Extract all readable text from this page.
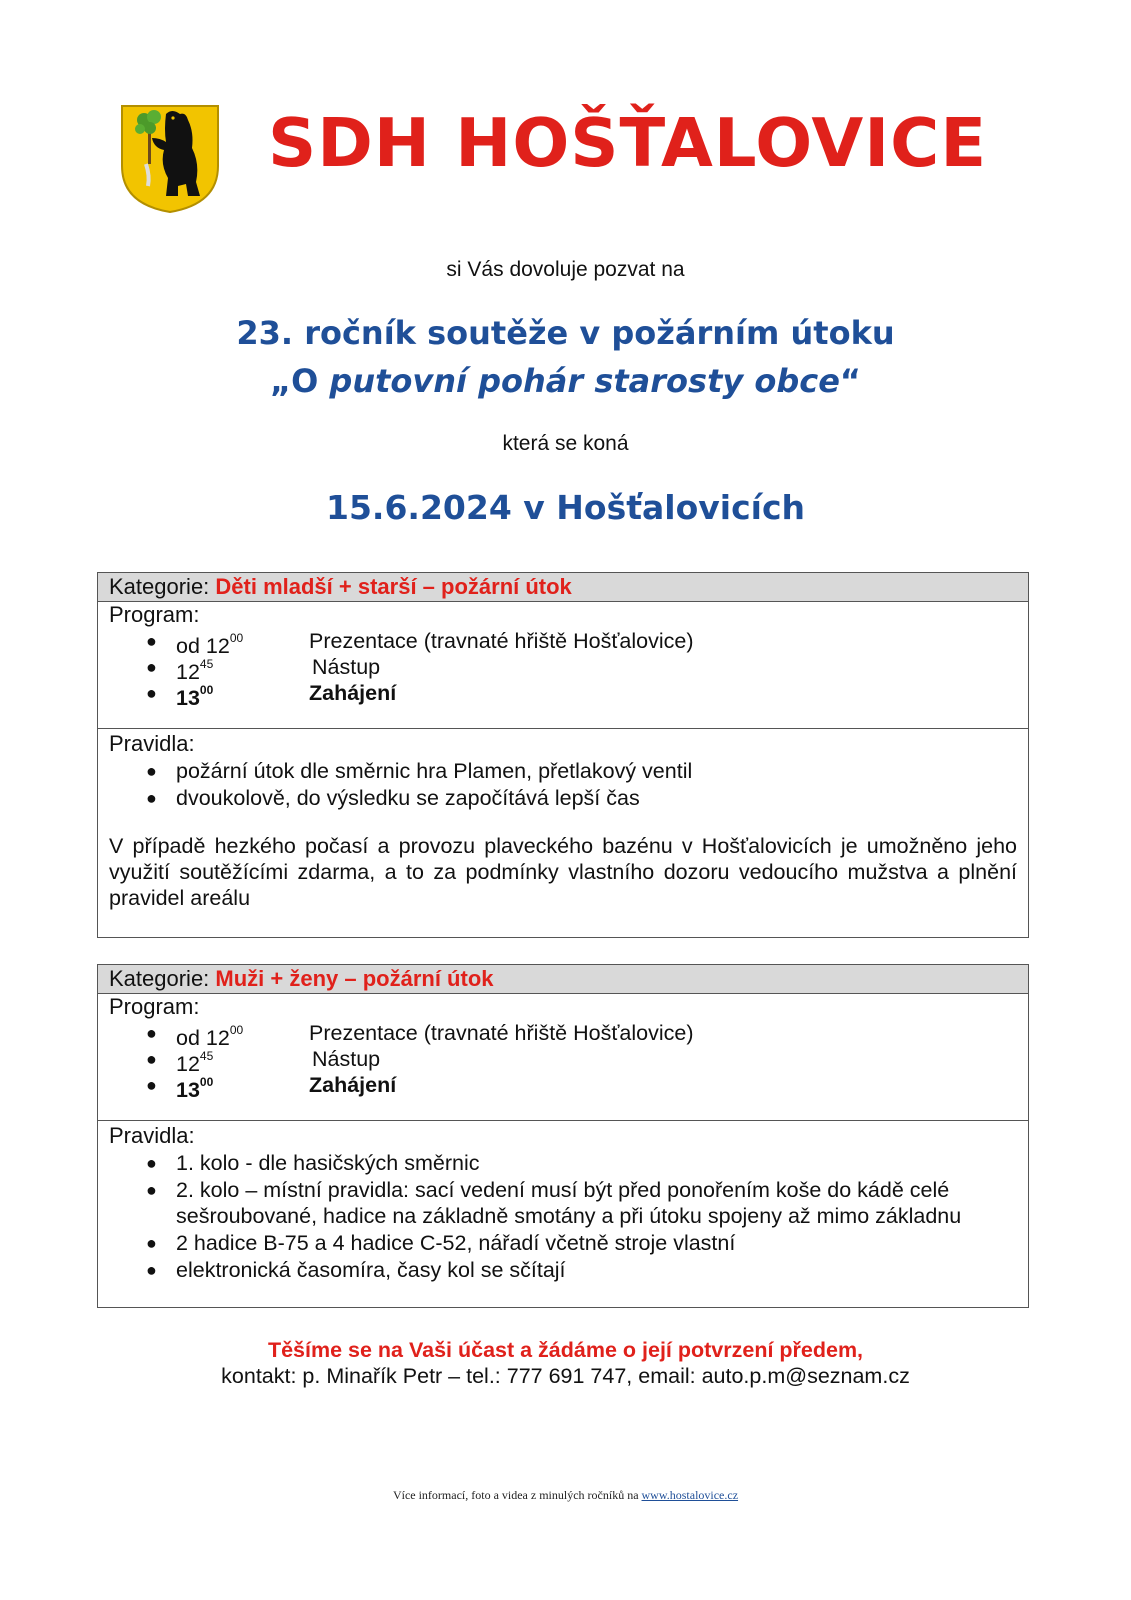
SDH HOŠŤALOVICE
si Vás dovoluje pozvat na
23. ročník soutěže v požárním útoku
„O putovní pohár starosty obce“
která se koná
15.6.2024 v Hošťalovicích
Kategorie: Děti mladší + starší – požární útok
Program:
● od $12^{00}$	Prezentace (travnaté hřiště Hošťalovice)
● $12^{45}$	Nástup
● $13^{00}$	Zahájení
Pravidla:
● požární útok dle směrnic hra Plamen, přetlakový ventil
● dvoukolově, do výsledku se započítává lepší čas
V případě hezkého počasí a provozu plaveckého bazénu v Hošťalovicích je umožněno jeho využití soutěžícími zdarma, a to za podmínky vlastního dozoru vedoucího mužstva a plnění pravidel areálu
Kategorie: Muži + ženy – požární útok
Program:
● od $12^{00}$	Prezentace (travnaté hřiště Hošťalovice)
● $12^{45}$	Nástup
● $13^{00}$	Zahájení
Pravidla:
● 1. kolo - dle hasičských směrnic
● 2. kolo – místní pravidla: sací vedení musí být před ponořením koše do kádě celé sešroubované, hadice na základně smotány a při útoku spojeny až mimo základnu
● 2 hadice B-75 a 4 hadice C-52, nářadí včetně stroje vlastní
● elektronická časomíra, časy kol se sčítají
Těšíme se na Vaši účast a žádáme o její potvrzení předem,
kontakt: p. Minařík Petr – tel.: 777 691 747, email: auto.p.m@seznam.cz
Více informací, foto a videa z minulých ročníků na www.hostalovice.cz
